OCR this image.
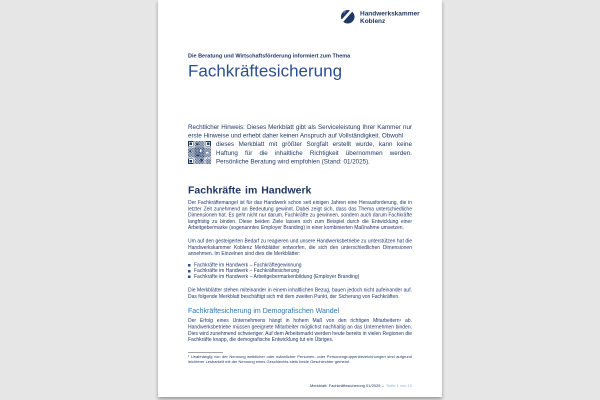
Handwerkskammer
Koblenz
Die Beratung und Wirtschaftsförderung informiert zum Thema
Fachkräftesicherung

Rechtlicher Hinweis: Dieses Merkblatt gibt als Serviceleistung Ihrer Kammer nur erste Hinweise und erhebt daher keinen Anspruch auf Vollständigkeit. Obwohl

dieses Merkblatt mit größter Sorgfalt erstellt wurde, kann keine Haftung für die inhaltliche Richtigkeit übernommen werden. Persönliche Beratung wird empfohlen (Stand: 01/2025).
Fachkräfte im Handwerk

Der Fachkräftemangel ist für das Handwerk schon seit einigen Jahren eine Herausforderung, die in letzter Zeit zunehmend an Bedeutung gewinnt. Dabei zeigt sich, dass das Thema unterschiedliche Dimensionen hat. Es geht nicht nur darum, Fachkräfte zu gewinnen, sondern auch darum Fachkräfte langfristig zu binden. Diese beiden Ziele lassen sich zum Beispiel durch die Entwicklung einer Arbeitgebermarke (sogenanntes Employer Branding) in einer kombinierten Maßnahme umsetzen.

Um auf den gesteigerten Bedarf zu reagieren und unsere Handwerksbetriebe zu unterstützen hat die Handwerkskammer Koblenz Merkblätter entworfen, die sich den unterschiedlichen Dimensionen annehmen. Im Einzelnen sind dies die Merkblätter:

Fachkräfte im Handwerk – Fachkräftegewinnung
Fachkräfte im Handwerk – Fachkräftesicherung
Fachkräfte im Handwerk – Arbeitgebermarkenbildung (Employer Branding)

Die Merkblätter stehen miteinander in einem inhaltlichen Bezug, bauen jedoch nicht aufeinander auf. Das folgende Merkblatt beschäftigt sich mit dem zweiten Punkt, der Sicherung von Fachkräften.

Fachkräftesicherung im Demografischen Wandel

Der Erfolg eines Unternehmens hängt in hohem Maß von den richtigen Mitarbeitern¹ ab. Handwerksbetriebe müssen geeignete Mitarbeiter möglichst nachhaltig an das Unternehmen binden. Dies wird zunehmend schwieriger. Auf dem Arbeitsmarkt werden heute bereits in vielen Regionen die Fachkräfte knapp, die demografische Entwicklung tut ein Übriges.

¹ Unabhängig von der Nennung weiblicher oder männlicher Personen- oder Personengruppenbezeichnungen sind aufgrund leichterer Lesbarkeit mit der Nennung eines Geschlechts stets beide Geschlechter gemeint.

Merkblatt: Fachkräftesicherung 01/2025 – Seite 1 von 10
